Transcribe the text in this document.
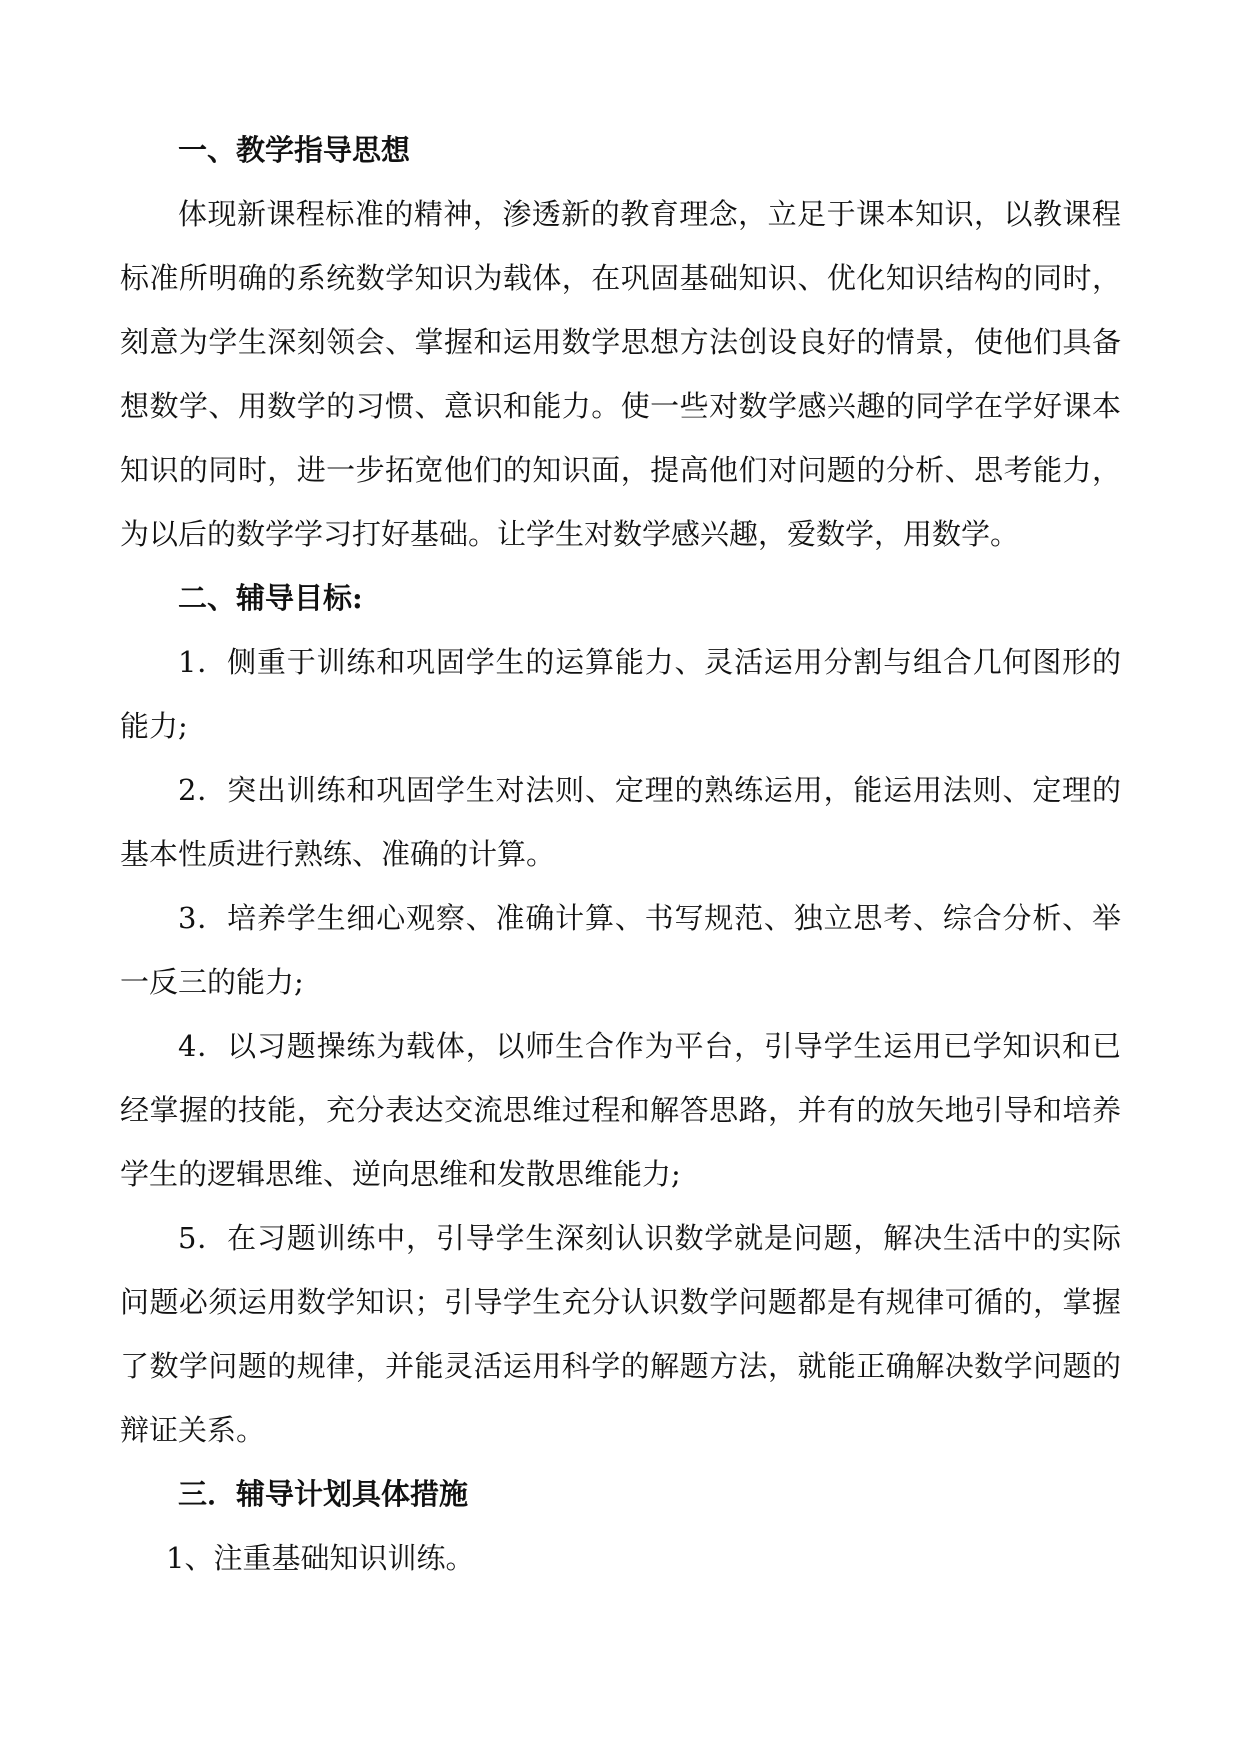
一、教学指导思想

体现新课程标准的精神，渗透新的教育理念，立足于课本知识，以教课程标准所明确的系统数学知识为载体，在巩固基础知识、优化知识结构的同时，刻意为学生深刻领会、掌握和运用数学思想方法创设良好的情景，使他们具备想数学、用数学的习惯、意识和能力。使一些对数学感兴趣的同学在学好课本知识的同时，进一步拓宽他们的知识面，提高他们对问题的分析、思考能力，为以后的数学学习打好基础。让学生对数学感兴趣，爱数学，用数学。

二、辅导目标:

1．侧重于训练和巩固学生的运算能力、灵活运用分割与组合几何图形的能力;

2．突出训练和巩固学生对法则、定理的熟练运用，能运用法则、定理的基本性质进行熟练、准确的计算。

3．培养学生细心观察、准确计算、书写规范、独立思考、综合分析、举一反三的能力;

4．以习题操练为载体，以师生合作为平台，引导学生运用已学知识和已经掌握的技能，充分表达交流思维过程和解答思路，并有的放矢地引导和培养学生的逻辑思维、逆向思维和发散思维能力;

5．在习题训练中，引导学生深刻认识数学就是问题，解决生活中的实际问题必须运用数学知识；引导学生充分认识数学问题都是有规律可循的，掌握了数学问题的规律，并能灵活运用科学的解题方法，就能正确解决数学问题的辩证关系。

三．辅导计划具体措施

1、注重基础知识训练。
